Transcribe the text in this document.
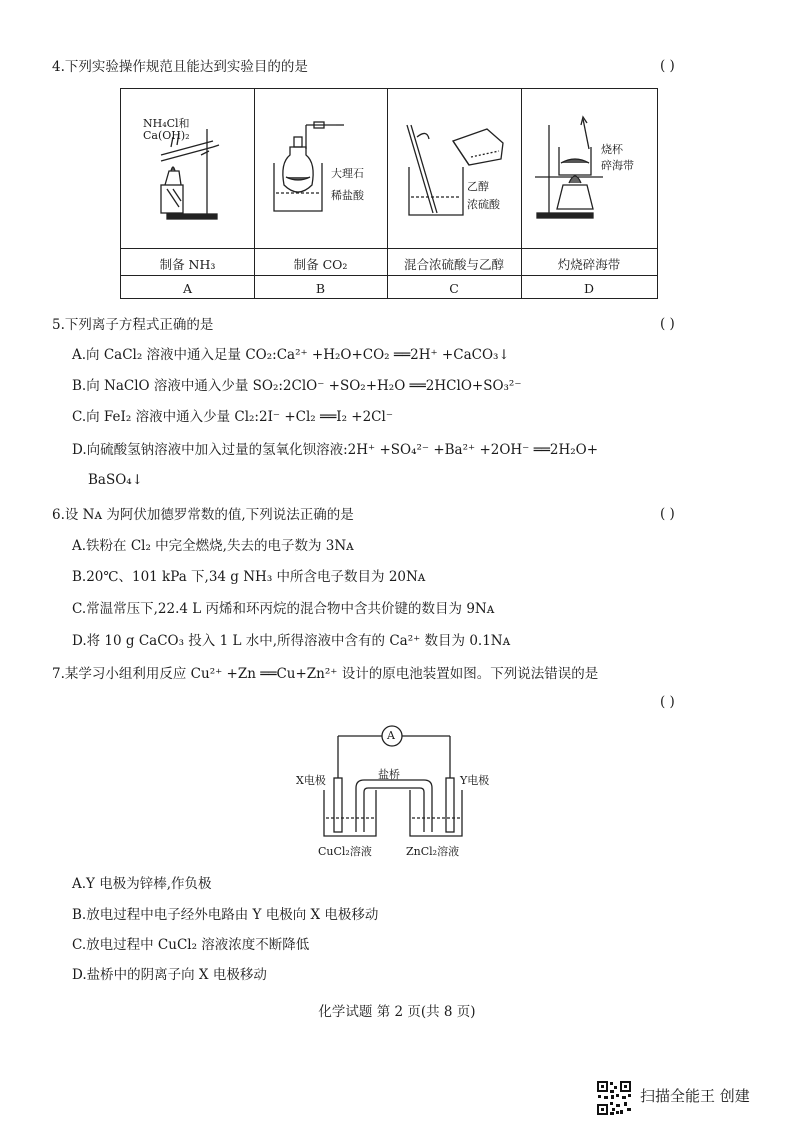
4.下列实验操作规范且能达到实验目的的是	( )
NH₄Cl和
Ca(OH)₂
大理石
稀盐酸
乙醇
浓硫酸
烧杯
碎海带
制备 NH₃	制备 CO₂	混合浓硫酸与乙醇	灼烧碎海带
A	B	C	D
5.下列离子方程式正确的是	( )
A.向 CaCl₂ 溶液中通入足量 CO₂:Ca²⁺ +H₂O+CO₂ ══2H⁺ +CaCO₃↓
B.向 NaClO 溶液中通入少量 SO₂:2ClO⁻ +SO₂+H₂O ══2HClO+SO₃²⁻
C.向 FeI₂ 溶液中通入少量 Cl₂:2I⁻ +Cl₂ ══I₂ +2Cl⁻
D.向硫酸氢钠溶液中加入过量的氢氧化钡溶液:2H⁺ +SO₄²⁻ +Ba²⁺ +2OH⁻ ══2H₂O+
BaSO₄↓
6.设 Nᴀ 为阿伏加德罗常数的值,下列说法正确的是	( )
A.铁粉在 Cl₂ 中完全燃烧,失去的电子数为 3Nᴀ
B.20℃、101 kPa 下,34 g NH₃ 中所含电子数目为 20Nᴀ
C.常温常压下,22.4 L 丙烯和环丙烷的混合物中含共价键的数目为 9Nᴀ
D.将 10 g CaCO₃ 投入 1 L 水中,所得溶液中含有的 Ca²⁺ 数目为 0.1Nᴀ
7.某学习小组利用反应 Cu²⁺ +Zn ══Cu+Zn²⁺ 设计的原电池装置如图。下列说法错误的是
( )
A
X电极	盐桥	Y电极
CuCl₂溶液	ZnCl₂溶液
A.Y 电极为锌棒,作负极
B.放电过程中电子经外电路由 Y 电极向 X 电极移动
C.放电过程中 CuCl₂ 溶液浓度不断降低
D.盐桥中的阴离子向 X 电极移动
化学试题 第 2 页(共 8 页)
扫描全能王 创建
